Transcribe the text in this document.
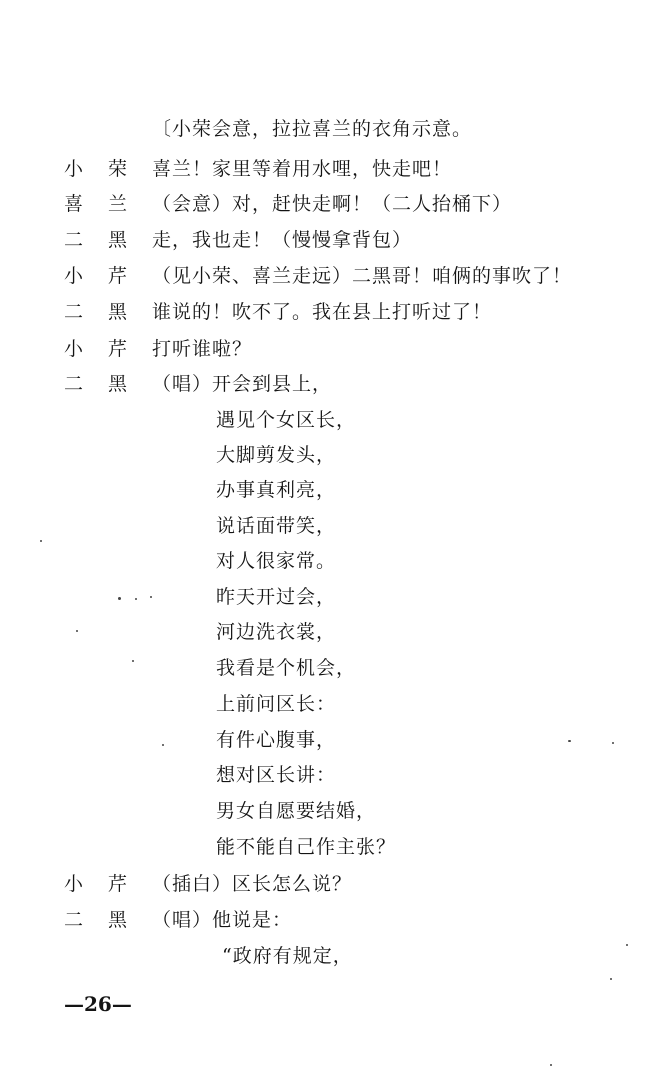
〔小荣会意，拉拉喜兰的衣角示意。
小 荣	喜兰！家里等着用水哩，快走吧！
喜 兰	（会意）对，赶快走啊！（二人抬桶下）
二 黑	走，我也走！（慢慢拿背包）
小 芹	（见小荣、喜兰走远）二黑哥！咱俩的事吹了！
二 黑	谁说的！吹不了。我在县上打听过了！
小 芹	打听谁啦？
二 黑	（唱）开会到县上，
遇见个女区长，
大脚剪发头，
办事真利亮，
说话面带笑，
对人很家常。
昨天开过会，
河边洗衣裳，
我看是个机会，
上前问区长：
有件心腹事，
想对区长讲：
男女自愿要结婚，
能不能自己作主张？
小 芹	（插白）区长怎么说？
二 黑	（唱）他说是：
“政府有规定，
—26—
